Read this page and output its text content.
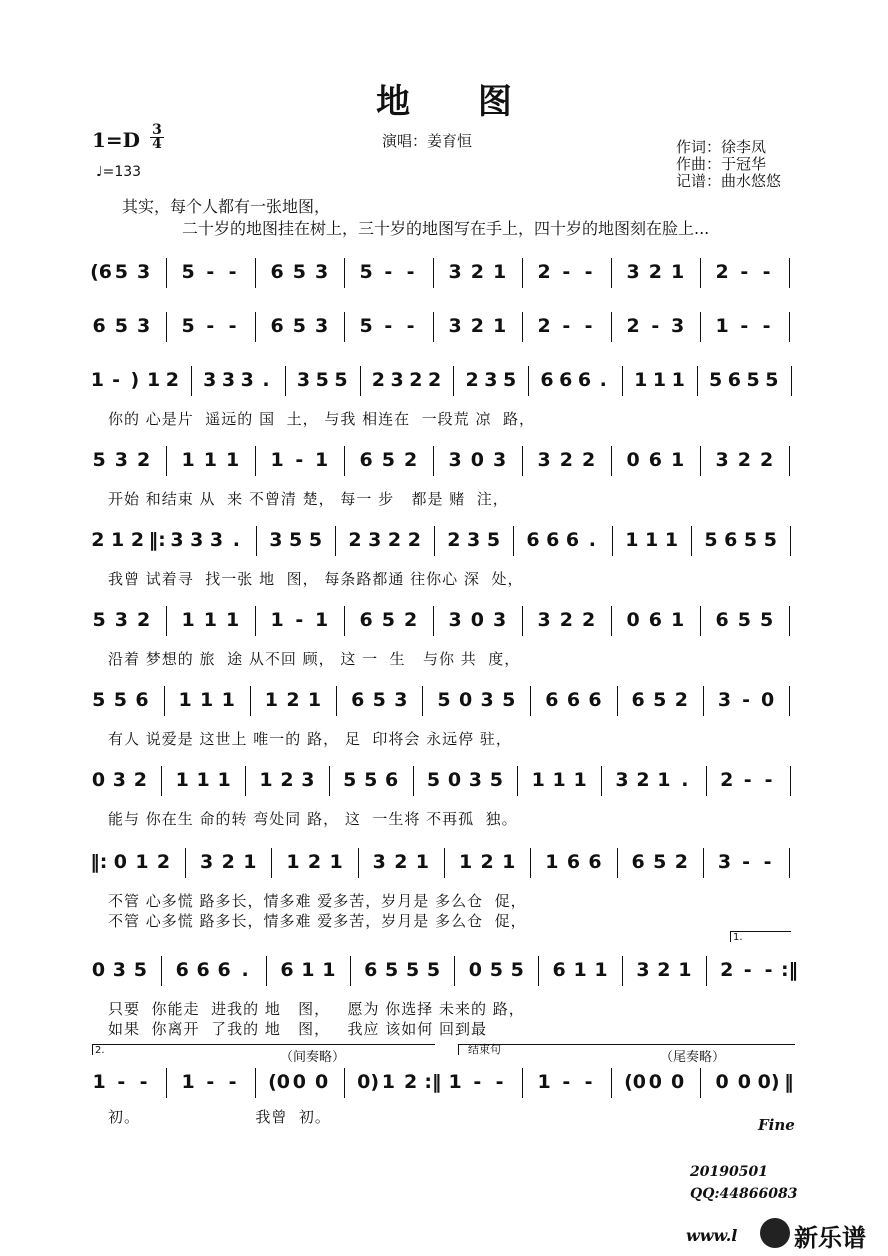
地 图
1=D 3
4
♩=133
演唱：姜育恒	作词：徐李凤
作曲：于冠华
记谱：曲水悠悠
其实，每个人都有一张地图，
二十岁的地图挂在树上，三十岁的地图写在手上，四十岁的地图刻在脸上...
(6 5 3 5 - - 6 5 3 5 - - 3 2 1 2 - - 3 2 1 2 - -
6 5 3 5 - - 6 5 3 5 - - 3 2 1 2 - - 2 - 3 1 - -
1 - ) 1 2 3 3 3 . 3 5 5 2 3 2 2 2 3 5 6 6 6 . 1 1 1 5 6 5 5
你的 心是片  遥远的 国  土， 与我 相连在  一段荒 凉  路，
5 3 2 1 1 1 1 - 1 6 5 2 3 0 3 3 2 2 0 6 1 3 2 2
开始 和结束 从  来 不曾清 楚， 每一 步   都是 赌  注，
2 1 2 ‖: 3 3 3 . 3 5 5 2 3 2 2 2 3 5 6 6 6 . 1 1 1 5 6 5 5
我曾 试着寻  找一张 地  图， 每条路都通 往你心 深  处，
5 3 2 1 1 1 1 - 1 6 5 2 3 0 3 3 2 2 0 6 1 6 5 5
沿着 梦想的 旅  途 从不回 顾， 这 一  生   与你 共  度，
5 5 6 1 1 1 1 2 1 6 5 3 5 0 3 5 6 6 6 6 5 2 3 - 0
有人 说爱是 这世上 唯一的 路， 足  印将会 永远停 驻，
0 3 2 1 1 1 1 2 3 5 5 6 5 0 3 5 1 1 1 3 2 1 . 2 - -
能与 你在生 命的转 弯处同 路， 这  一生将 不再孤  独。
‖: 0 1 2 3 2 1 1 2 1 3 2 1 1 2 1 1 6 6 6 5 2 3 - -
不管 心多慌 路多长，情多难 爱多苦，岁月是 多么仓  促，
不管 心多慌 路多长，情多难 爱多苦，岁月是 多么仓  促，
0 3 5 6 6 6 . 6 1 1 6 5 5 5 0 5 5 6 1 1 3 2 1 2 - - :‖
只要  你能走  进我的 地   图，   愿为 你选择 未来的 路，
如果  你离开  了我的 地   图，   我应 该如何 回到最
1 - - 1 - - (0 0 0 0) 1 2 :‖ 1 - - 1 - - (0 0 0 0 0 0) ‖
初。                    我曾  初。
（间奏略）
结束句
（尾奏略）
2.
1.
Fine
20190501
QQ:44866083
www.l 新乐谱
